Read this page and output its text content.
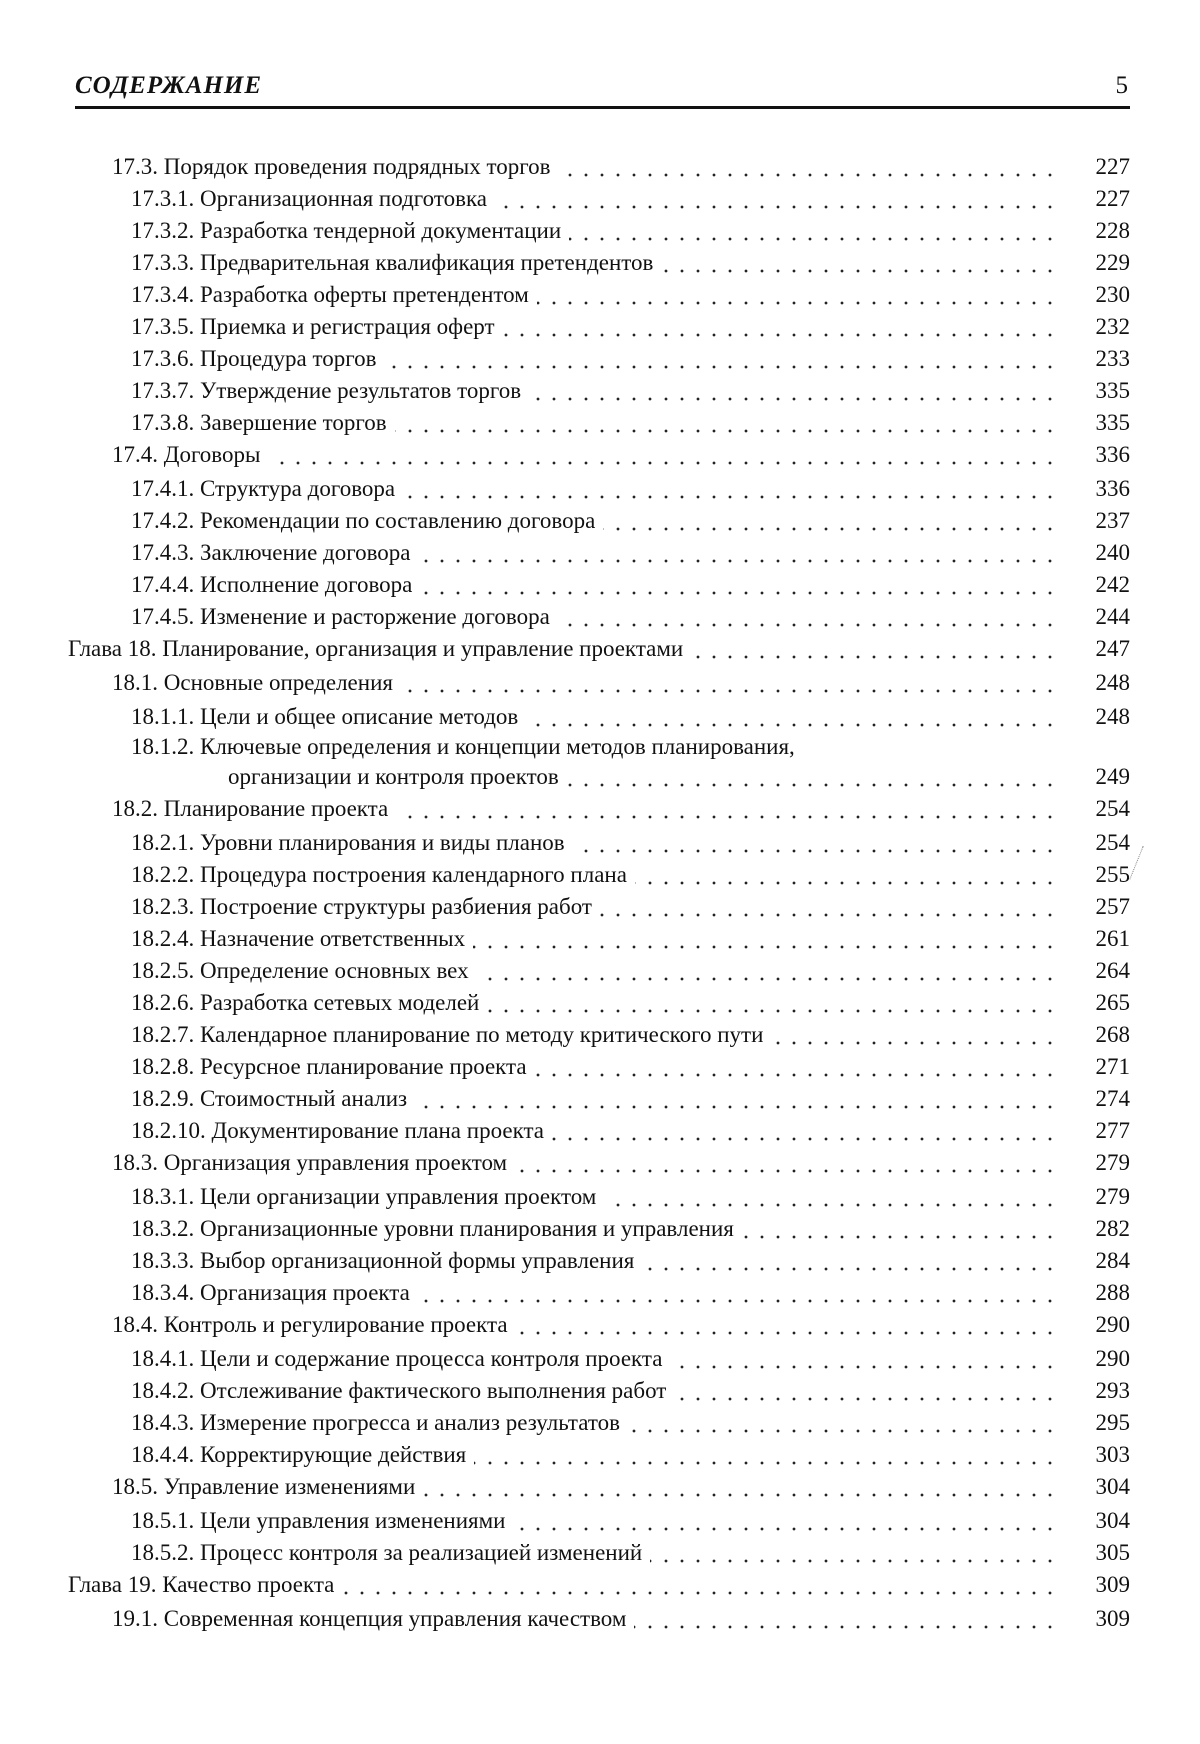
СОДЕРЖАНИЕ	5
17.3. Порядок проведения подрядных торгов	227
17.3.1. Организационная подготовка	227
17.3.2. Разработка тендерной документации	228
17.3.3. Предварительная квалификация претендентов	229
17.3.4. Разработка оферты претендентом	230
17.3.5. Приемка и регистрация оферт	232
17.3.6. Процедура торгов	233
17.3.7. Утверждение результатов торгов	335
17.3.8. Завершение торгов	335
17.4. Договоры	336
17.4.1. Структура договора	336
17.4.2. Рекомендации по составлению договора	237
17.4.3. Заключение договора	240
17.4.4. Исполнение договора	242
17.4.5. Изменение и расторжение договора	244
Глава 18. Планирование, организация и управление проектами	247
18.1. Основные определения	248
18.1.1. Цели и общее описание методов	248
18.1.2. Ключевые определения и концепции методов планирования,
организации и контроля проектов	249
18.2. Планирование проекта	254
18.2.1. Уровни планирования и виды планов	254
18.2.2. Процедура построения календарного плана	255
18.2.3. Построение структуры разбиения работ	257
18.2.4. Назначение ответственных	261
18.2.5. Определение основных вех	264
18.2.6. Разработка сетевых моделей	265
18.2.7. Календарное планирование по методу критического пути	268
18.2.8. Ресурсное планирование проекта	271
18.2.9. Стоимостный анализ	274
18.2.10. Документирование плана проекта	277
18.3. Организация управления проектом	279
18.3.1. Цели организации управления проектом	279
18.3.2. Организационные уровни планирования и управления	282
18.3.3. Выбор организационной формы управления	284
18.3.4. Организация проекта	288
18.4. Контроль и регулирование проекта	290
18.4.1. Цели и содержание процесса контроля проекта	290
18.4.2. Отслеживание фактического выполнения работ	293
18.4.3. Измерение прогресса и анализ результатов	295
18.4.4. Корректирующие действия	303
18.5. Управление изменениями	304
18.5.1. Цели управления изменениями	304
18.5.2. Процесс контроля за реализацией изменений	305
Глава 19. Качество проекта	309
19.1. Современная концепция управления качеством	309
